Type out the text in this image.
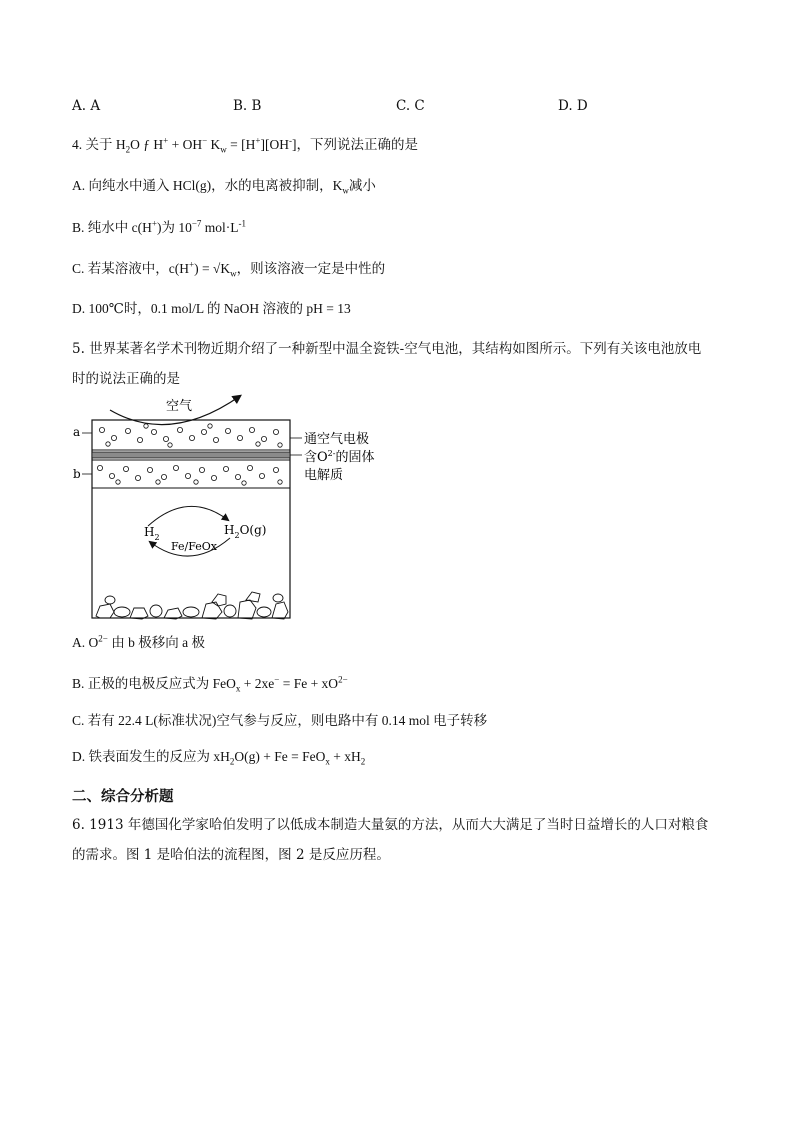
A. A	B. B	C. C	D. D
4. 关于 $H_2O$ ƒ H+ + OH− $K_w = [H^+][OH^-]$，下列说法正确的是
A. 向纯水中通入 HCl(g)，水的电离被抑制，$K_w$减小
B. 纯水中 c(H+)为 $10^{-7}$ $mol\cdot L^{-1}$
C. 若某溶液中，$c(H^+) = √K_w$，则该溶液一定是中性的
D. 100℃时，0.1 mol/L 的 NaOH 溶液的 pH = 13
5. 世界某著名学术刊物近期介绍了一种新型中温全瓷铁-空气电池，其结构如图所示。下列有关该电池放电
时的说法正确的是
空气
a
b
通空气电极
含$O^{2-}$的固体
电解质
$H_2$
$H_2O(g)$
Fe/FeOx
A. $O^{2-}$ 由 b 极移向 a 极
B. 正极的电极反应式为 $FeO_x + 2xe^- = Fe + xO^{2-}$
C. 若有 22.4 L(标准状况)空气参与反应，则电路中有 0.14 mol 电子转移
D. 铁表面发生的反应为 $xH_2O(g) + Fe = FeO_x + xH_2$
二、综合分析题
6. 1913 年德国化学家哈伯发明了以低成本制造大量氨的方法，从而大大满足了当时日益增长的人口对粮食
的需求。图 1 是哈伯法的流程图，图 2 是反应历程。
